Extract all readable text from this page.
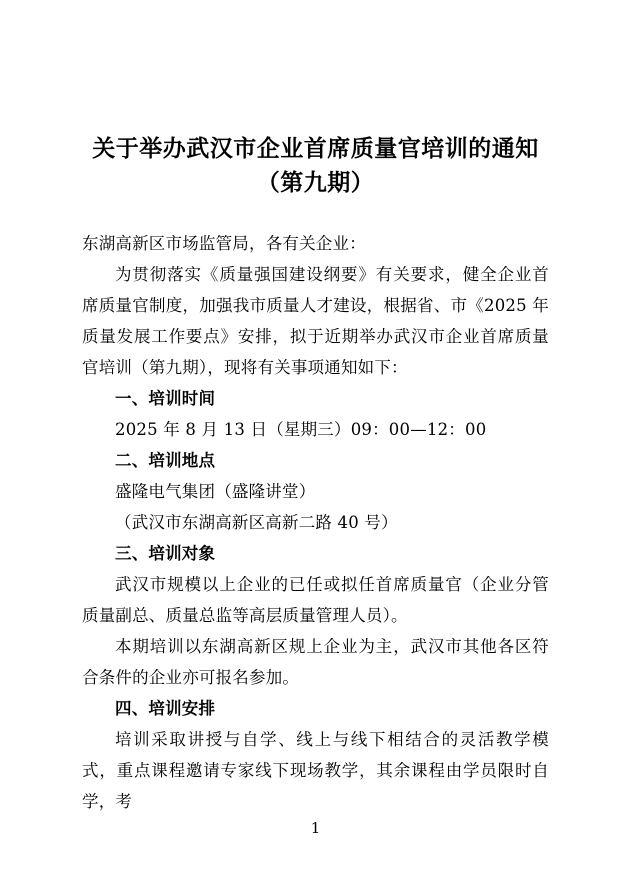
关于举办武汉市企业首席质量官培训的通知
（第九期）

东湖高新区市场监管局，各有关企业：

为贯彻落实《质量强国建设纲要》有关要求，健全企业首席质量官制度，加强我市质量人才建设，根据省、市《2025 年质量发展工作要点》安排，拟于近期举办武汉市企业首席质量官培训（第九期），现将有关事项通知如下：

一、培训时间

2025 年 8 月 13 日（星期三）09：00—12：00

二、培训地点

盛隆电气集团（盛隆讲堂）

（武汉市东湖高新区高新二路 40 号）

三、培训对象

武汉市规模以上企业的已任或拟任首席质量官（企业分管质量副总、质量总监等高层质量管理人员）。

本期培训以东湖高新区规上企业为主，武汉市其他各区符合条件的企业亦可报名参加。

四、培训安排

培训采取讲授与自学、线上与线下相结合的灵活教学模式，重点课程邀请专家线下现场教学，其余课程由学员限时自学，考

1
